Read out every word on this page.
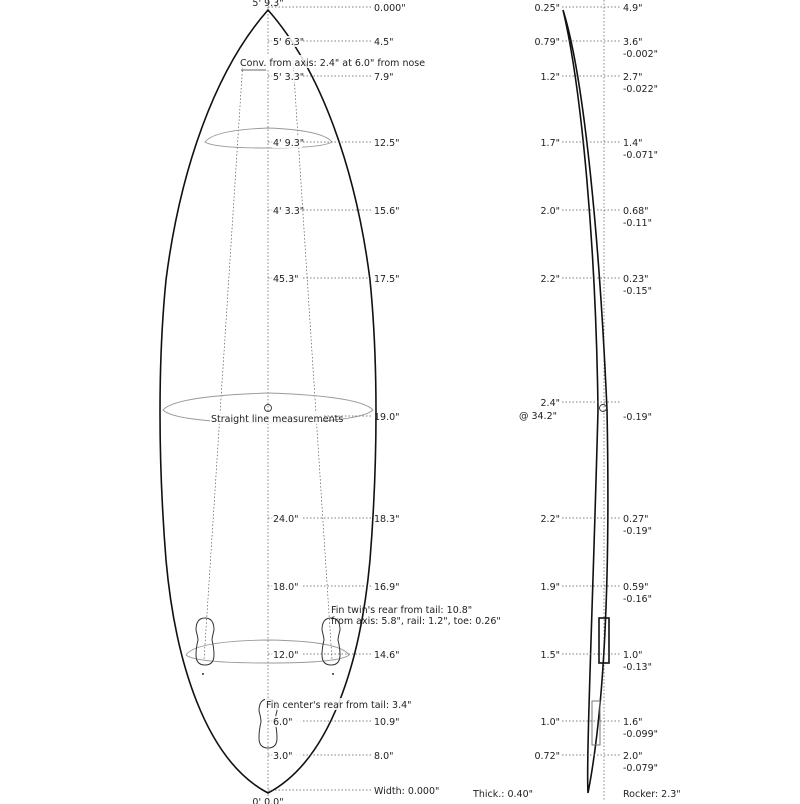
5' 9.3"
5' 6.3"
5' 3.3"
4' 9.3"
4' 3.3"
45.3"
24.0"
18.0"
12.0"
6.0"
3.0"
0.000"
4.5"
7.9"
12.5"
15.6"
17.5"
19.0"
18.3"
16.9"
14.6"
10.9"
8.0"
Width: 0.000"
Conv. from axis: 2.4" at 6.0" from nose
Straight line measurements
Fin twin's rear from tail: 10.8"
from axis: 5.8", rail: 1.2", toe: 0.26"
Fin center's rear from tail: 3.4"
0' 0.0"
0.25"
0.79"
1.2"
1.7"
2.0"
2.2"
2.4"
2.2"
1.9"
1.5"
1.0"
0.72"
4.9"
3.6"
-0.002"
2.7"
-0.022"
1.4"
-0.071"
0.68"
-0.11"
0.23"
-0.15"
-0.19"
0.27"
-0.19"
0.59"
-0.16"
1.0"
-0.13"
1.6"
-0.099"
2.0"
-0.079"
@ 34.2"
Thick.: 0.40"	Rocker: 2.3"
